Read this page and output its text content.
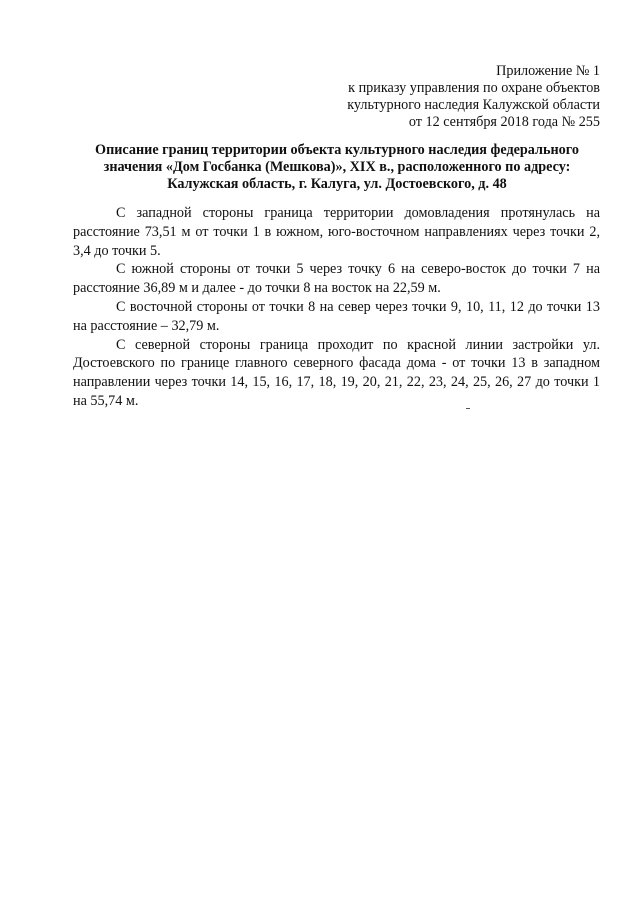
Приложение № 1
к приказу управления по охране объектов
культурного наследия Калужской области
от 12 сентября 2018 года № 255
Описание границ территории объекта культурного наследия федерального
значения «Дом Госбанка (Мешкова)», XIX в., расположенного по адресу:
Калужская область, г. Калуга, ул. Достоевского, д. 48

С западной стороны граница территории домовладения протянулась на расстояние 73,51 м от точки 1 в южном, юго-восточном направлениях через точки 2, 3,4 до точки 5.

С южной стороны от точки 5 через точку 6 на северо-восток до точки 7 на расстояние 36,89 м и далее - до точки 8 на восток на 22,59 м.

С восточной стороны от точки 8 на север через точки 9, 10, 11, 12 до точки 13 на расстояние – 32,79 м.

С северной стороны граница проходит по красной линии застройки ул. Достоевского по границе главного северного фасада дома - от точки 13 в западном направлении через точки 14, 15, 16, 17, 18, 19, 20, 21, 22, 23, 24, 25, 26, 27 до точки 1 на 55,74 м.
